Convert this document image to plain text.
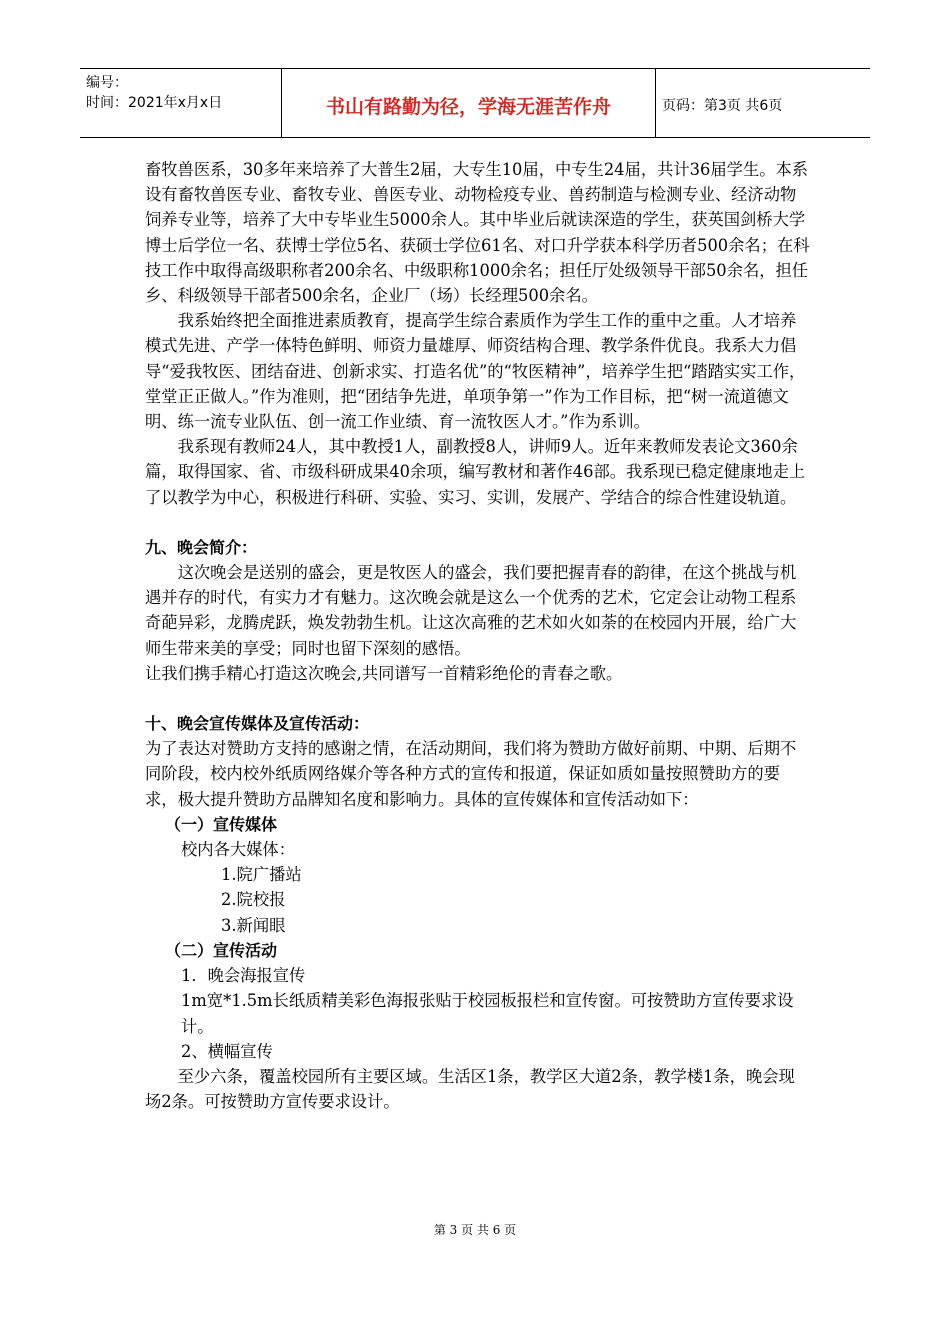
编号：
时间：2021年x月x日	书山有路勤为径，学海无涯苦作舟	页码：第3页 共6页

畜牧兽医系，30多年来培养了大普生2届，大专生10届，中专生24届，共计36届学生。本系设有畜牧兽医专业、畜牧专业、兽医专业、动物检疫专业、兽药制造与检测专业、经济动物饲养专业等，培养了大中专毕业生5000余人。其中毕业后就读深造的学生，获英国剑桥大学博士后学位一名、获博士学位5名、获硕士学位61名、对口升学获本科学历者500余名；在科技工作中取得高级职称者200余名、中级职称1000余名；担任厅处级领导干部50余名，担任乡、科级领导干部者500余名，企业厂（场）长经理500余名。

我系始终把全面推进素质教育，提高学生综合素质作为学生工作的重中之重。人才培养模式先进、产学一体特色鲜明、师资力量雄厚、师资结构合理、教学条件优良。我系大力倡导“爱我牧医、团结奋进、创新求实、打造名优”的“牧医精神”，培养学生把“踏踏实实工作，堂堂正正做人。”作为准则，把“团结争先进，单项争第一”作为工作目标，把“树一流道德文明、练一流专业队伍、创一流工作业绩、育一流牧医人才。”作为系训。

我系现有教师24人，其中教授1人，副教授8人，讲师9人。近年来教师发表论文360余篇，取得国家、省、市级科研成果40余项，编写教材和著作46部。我系现已稳定健康地走上了以教学为中心，积极进行科研、实验、实习、实训，发展产、学结合的综合性建设轨道。

九、晚会简介：

这次晚会是送别的盛会，更是牧医人的盛会，我们要把握青春的韵律，在这个挑战与机遇并存的时代，有实力才有魅力。这次晚会就是这么一个优秀的艺术，它定会让动物工程系奇葩异彩，龙腾虎跃，焕发勃勃生机。让这次高雅的艺术如火如荼的在校园内开展，给广大师生带来美的享受；同时也留下深刻的感悟。

让我们携手精心打造这次晚会,共同谱写一首精彩绝伦的青春之歌。

十、晚会宣传媒体及宣传活动：

为了表达对赞助方支持的感谢之情，在活动期间，我们将为赞助方做好前期、中期、后期不同阶段，校内校外纸质网络媒介等各种方式的宣传和报道，保证如质如量按照赞助方的要求，极大提升赞助方品牌知名度和影响力。具体的宣传媒体和宣传活动如下：

（一）宣传媒体

校内各大媒体：

1.院广播站

2.院校报

3.新闻眼

（二）宣传活动

1．晚会海报宣传

1m宽*1.5m长纸质精美彩色海报张贴于校园板报栏和宣传窗。可按赞助方宣传要求设计。

2、横幅宣传

至少六条，覆盖校园所有主要区域。生活区1条，教学区大道2条，教学楼1条，晚会现场2条。可按赞助方宣传要求设计。

第 3 页 共 6 页
